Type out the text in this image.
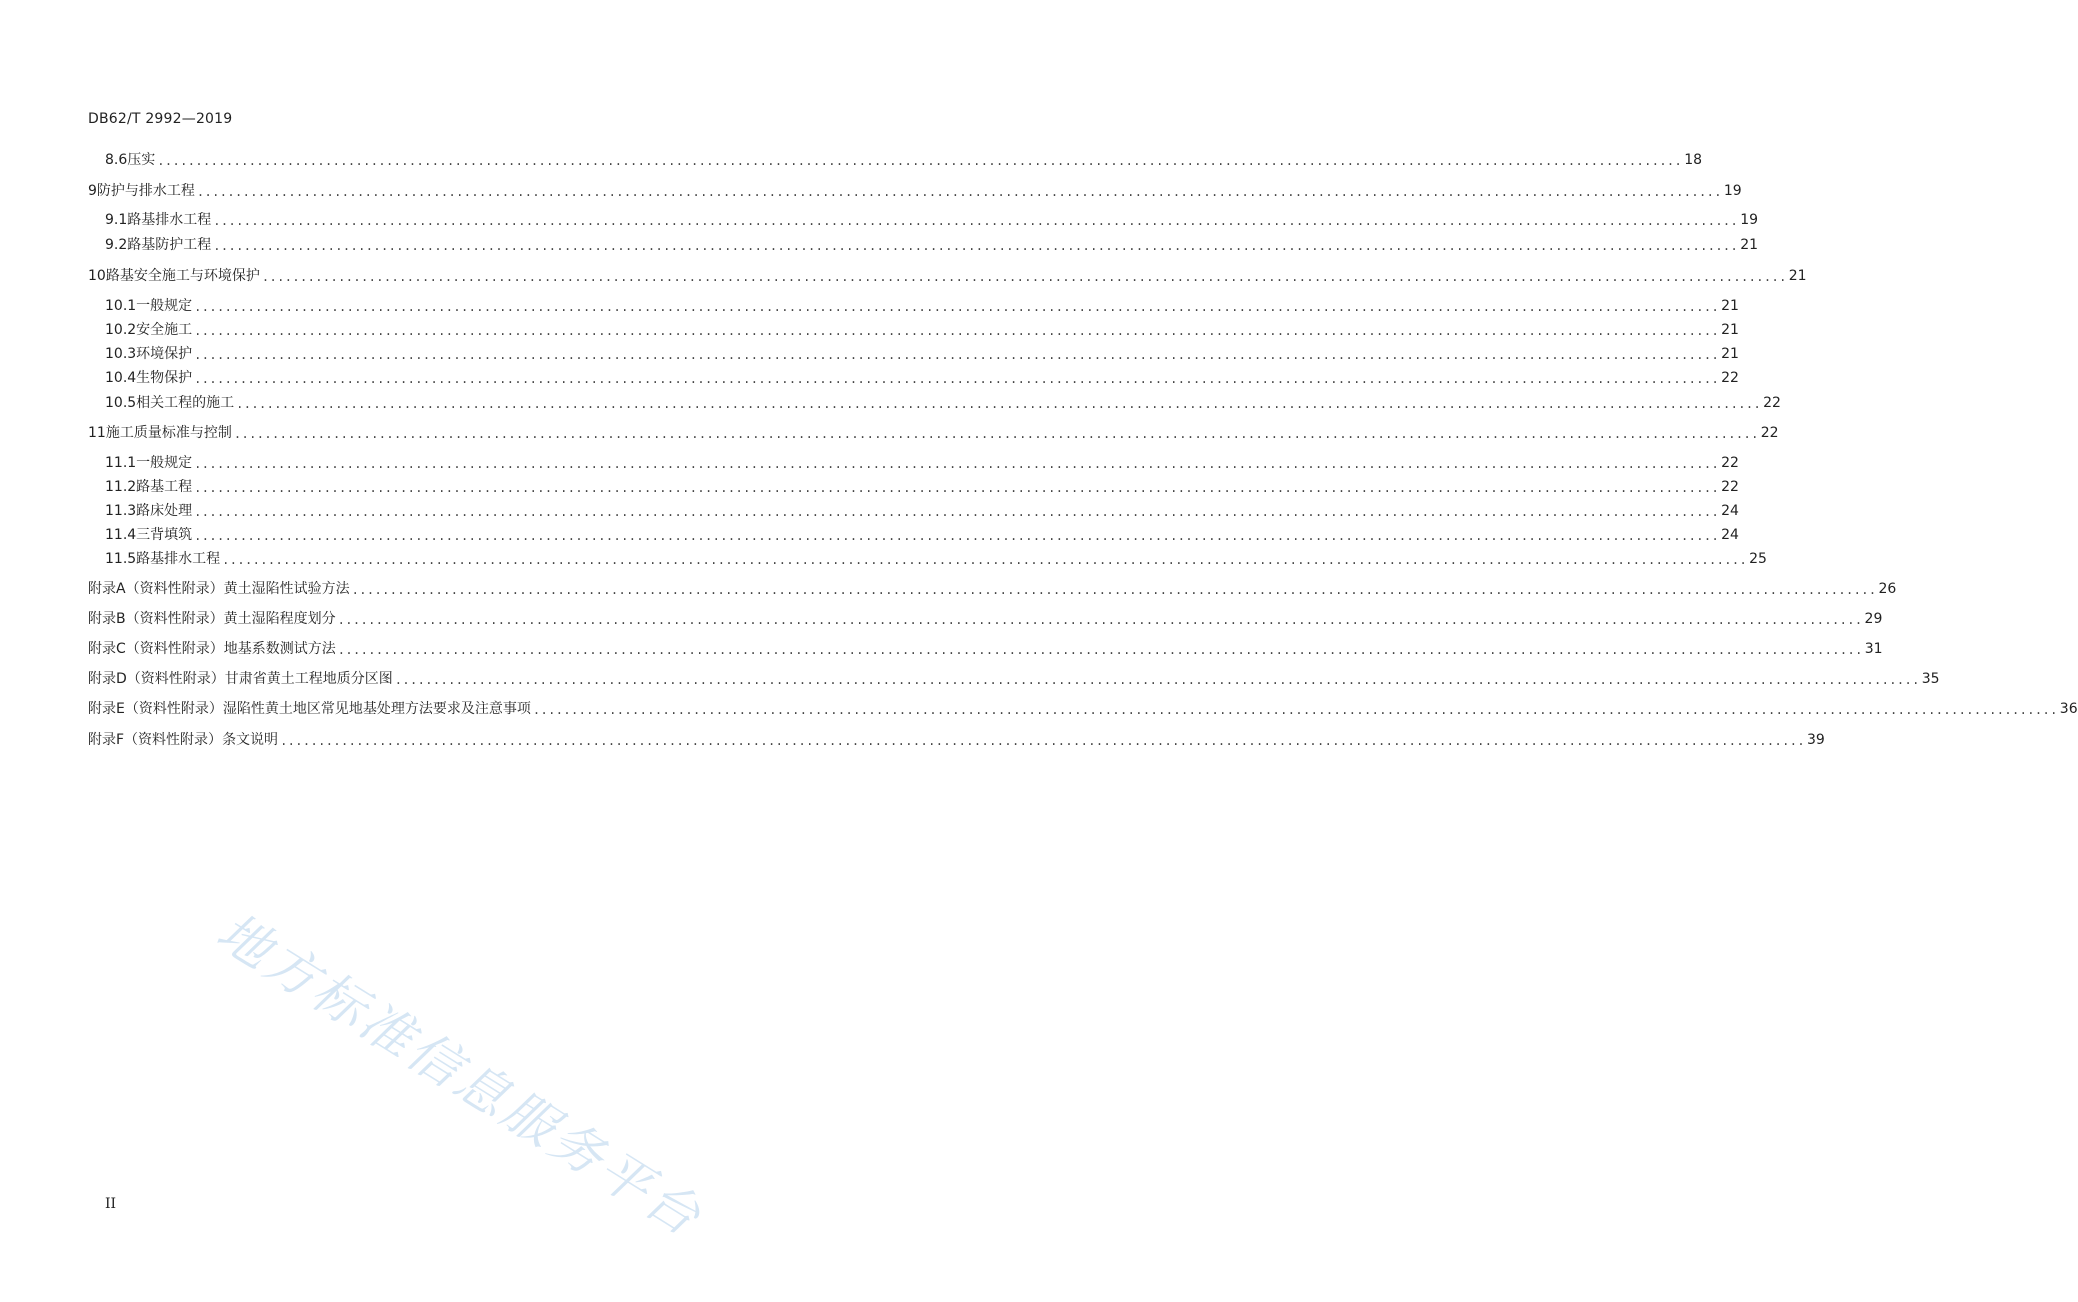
DB62/T 2992—2019
8.6 压实 ........................................................................................................................................................................................................ 18
9 防护与排水工程 ........................................................................................................................................................................................................ 19
9.1 路基排水工程 ........................................................................................................................................................................................................ 19
9.2 路基防护工程 ........................................................................................................................................................................................................ 21
10 路基安全施工与环境保护 ........................................................................................................................................................................................................ 21
10.1 一般规定 ........................................................................................................................................................................................................ 21
10.2 安全施工 ........................................................................................................................................................................................................ 21
10.3 环境保护 ........................................................................................................................................................................................................ 21
10.4 生物保护 ........................................................................................................................................................................................................ 22
10.5 相关工程的施工 ........................................................................................................................................................................................................ 22
11 施工质量标准与控制 ........................................................................................................................................................................................................ 22
11.1 一般规定 ........................................................................................................................................................................................................ 22
11.2 路基工程 ........................................................................................................................................................................................................ 22
11.3 路床处理 ........................................................................................................................................................................................................ 24
11.4 三背填筑 ........................................................................................................................................................................................................ 24
11.5 路基排水工程 ........................................................................................................................................................................................................ 25
附录A（资料性附录） 黄土湿陷性试验方法 ........................................................................................................................................................................................................ 26
附录B（资料性附录） 黄土湿陷程度划分 ........................................................................................................................................................................................................ 29
附录C（资料性附录） 地基系数测试方法 ........................................................................................................................................................................................................ 31
附录D（资料性附录） 甘肃省黄土工程地质分区图 ........................................................................................................................................................................................................ 35
附录E（资料性附录） 湿陷性黄土地区常见地基处理方法要求及注意事项 ........................................................................................................................................................................................................ 36
附录F（资料性附录） 条文说明 ........................................................................................................................................................................................................ 39
地方标准信息服务平台
II
